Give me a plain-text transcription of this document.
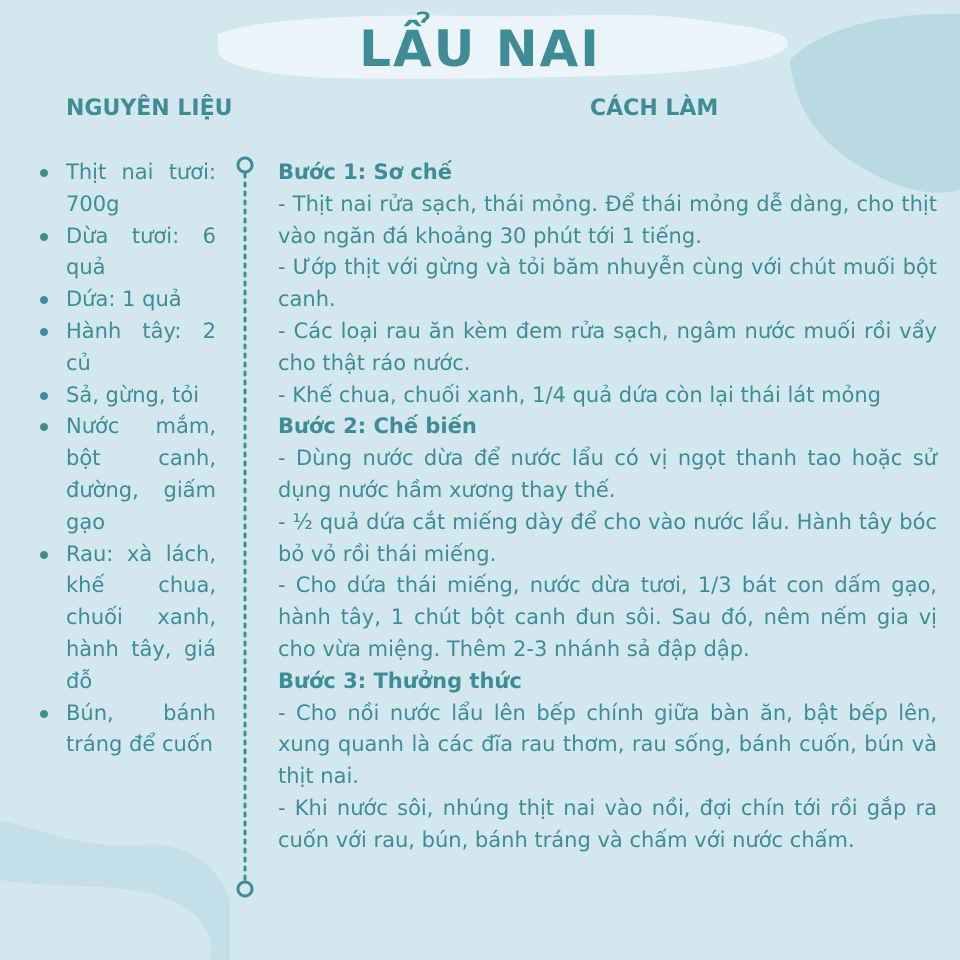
LẨU NAI
NGUYÊN LIỆU	CÁCH LÀM
Thịt nai tươi: 700g
Dừa tươi: 6 quả
Dứa: 1 quả
Hành tây: 2 củ
Sả, gừng, tỏi
Nước mắm, bột canh, đường, giấm gạo
Rau: xà lách, khế chua, chuối xanh, hành tây, giá đỗ
Bún, bánh tráng để cuốn

Bước 1: Sơ chế

- Thịt nai rửa sạch, thái mỏng. Để thái mỏng dễ dàng, cho thịt vào ngăn đá khoảng 30 phút tới 1 tiếng.

- Ướp thịt với gừng và tỏi băm nhuyễn cùng với chút muối bột canh.

- Các loại rau ăn kèm đem rửa sạch, ngâm nước muối rồi vẩy cho thật ráo nước.

- Khế chua, chuối xanh, 1/4 quả dứa còn lại thái lát mỏng

Bước 2: Chế biến

- Dùng nước dừa để nước lẩu có vị ngọt thanh tao hoặc sử dụng nước hầm xương thay thế.

- ½ quả dứa cắt miếng dày để cho vào nước lẩu. Hành tây bóc bỏ vỏ rồi thái miếng.

- Cho dứa thái miếng, nước dừa tươi, 1/3 bát con dấm gạo, hành tây, 1 chút bột canh đun sôi. Sau đó, nêm nếm gia vị cho vừa miệng. Thêm 2-3 nhánh sả đập dập.

Bước 3: Thưởng thức

- Cho nồi nước lẩu lên bếp chính giữa bàn ăn, bật bếp lên, xung quanh là các đĩa rau thơm, rau sống, bánh cuốn, bún và thịt nai.

- Khi nước sôi, nhúng thịt nai vào nồi, đợi chín tới rồi gắp ra cuốn với rau, bún, bánh tráng và chấm với nước chấm.
